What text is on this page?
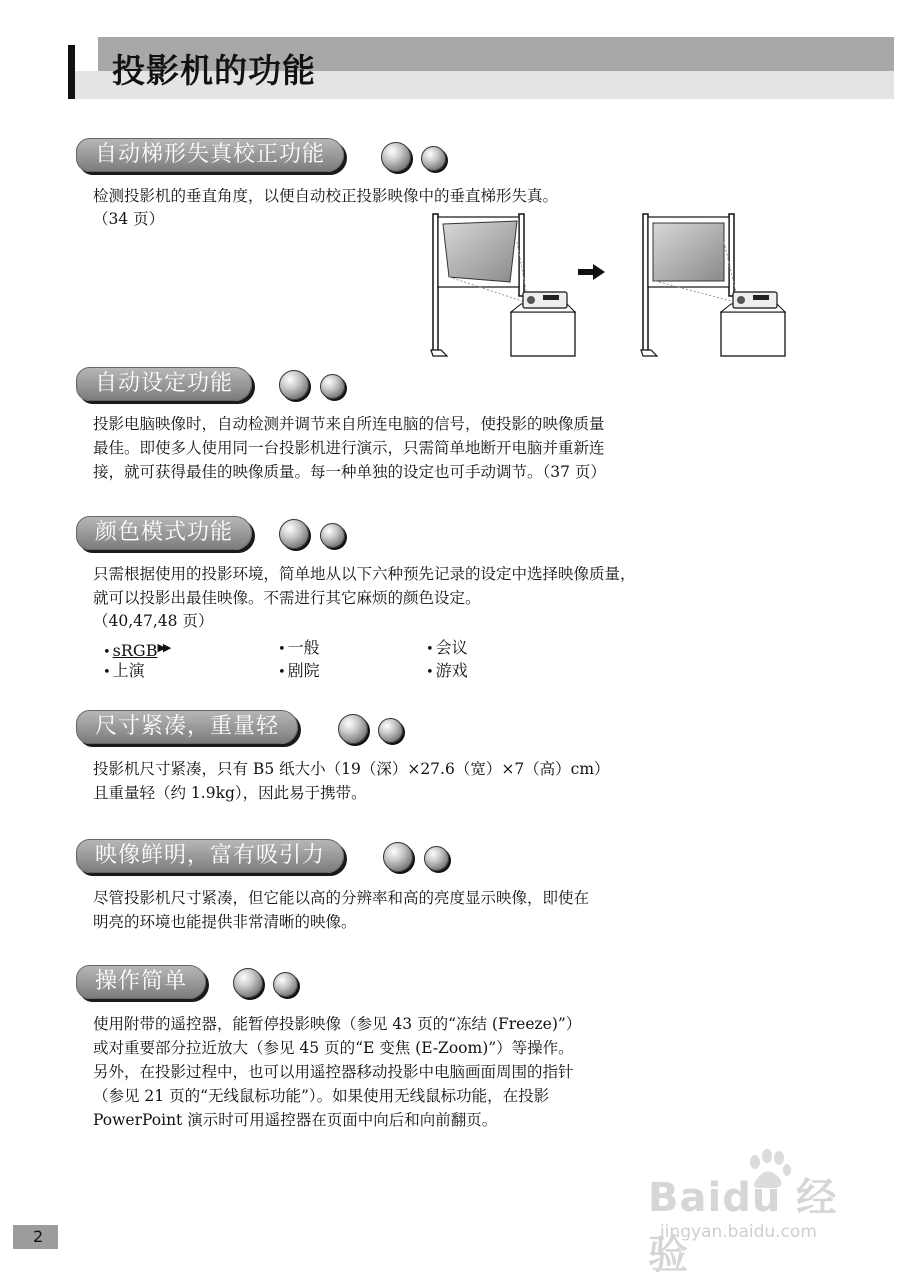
投影机的功能
自动梯形失真校正功能
检测投影机的垂直角度，以便自动校正投影映像中的垂直梯形失真。
（34 页）
自动设定功能
投影电脑映像时，自动检测并调节来自所连电脑的信号，使投影的映像质量
最佳。即使多人使用同一台投影机进行演示，只需简单地断开电脑并重新连
接，就可获得最佳的映像质量。每一种单独的设定也可手动调节。（37 页）
颜色模式功能
只需根据使用的投影环境，简单地从以下六种预先记录的设定中选择映像质量，
就可以投影出最佳映像。不需进行其它麻烦的颜色设定。
（40,47,48 页）
• sRGB▶▶	• 一般	• 会议
• 上演	• 剧院	• 游戏
尺寸紧凑，重量轻
投影机尺寸紧凑，只有 B5 纸大小（19（深）×27.6（宽）×7（高）cm）
且重量轻（约 1.9kg），因此易于携带。
映像鲜明，富有吸引力
尽管投影机尺寸紧凑，但它能以高的分辨率和高的亮度显示映像，即使在
明亮的环境也能提供非常清晰的映像。
操作简单
使用附带的遥控器，能暂停投影映像（参见 43 页的“冻结 (Freeze)”）
或对重要部分拉近放大（参见 45 页的“E 变焦 (E-Zoom)”）等操作。
另外，在投影过程中，也可以用遥控器移动投影中电脑画面周围的指针
（参见 21 页的“无线鼠标功能”）。如果使用无线鼠标功能，在投影
PowerPoint 演示时可用遥控器在页面中向后和向前翻页。
Baidu 经验
jingyan.baidu.com
2
